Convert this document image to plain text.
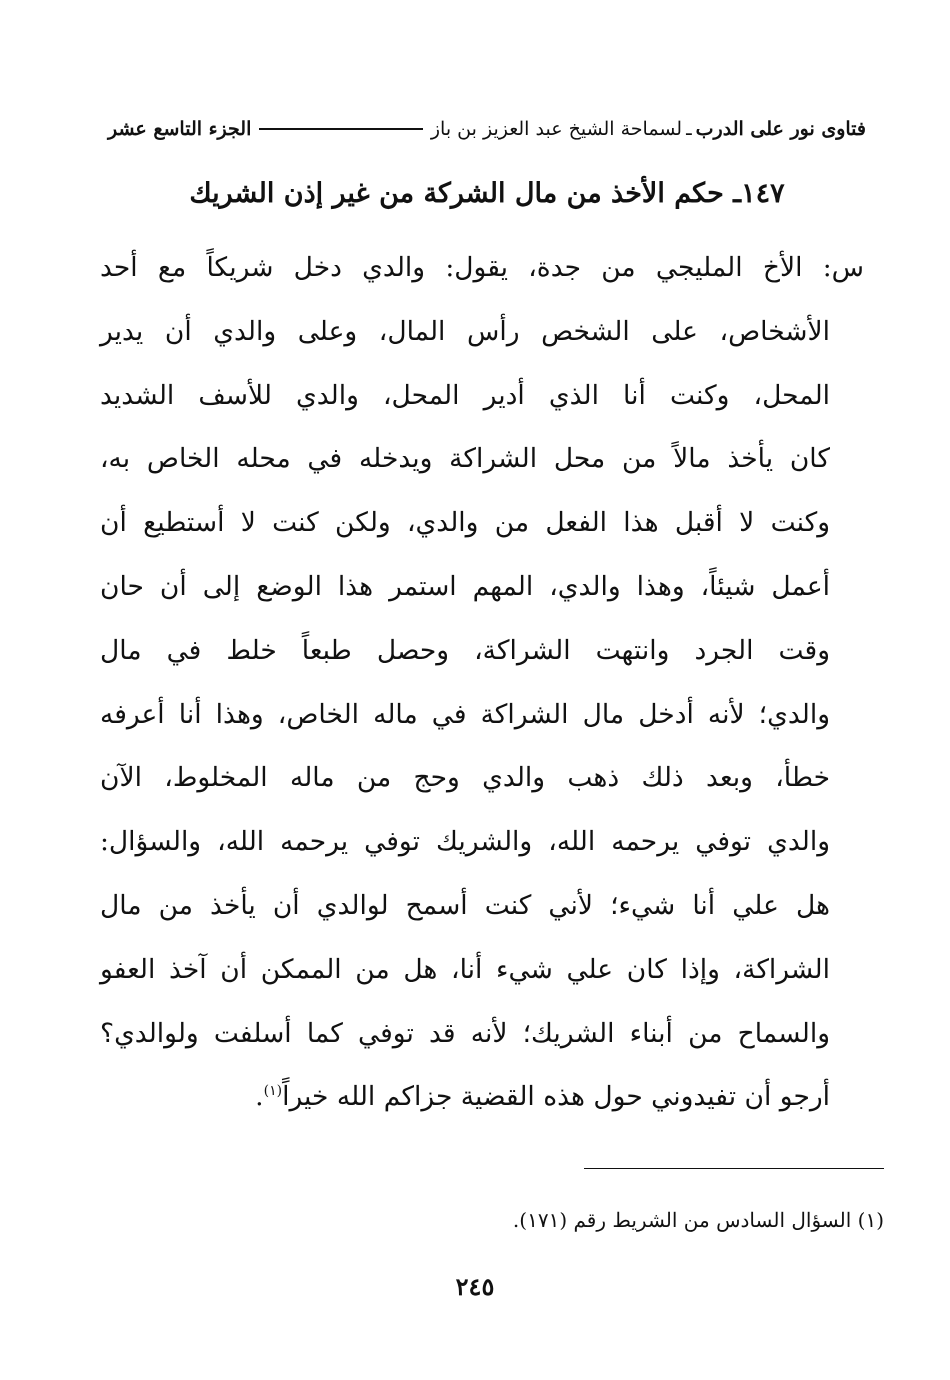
فتاوى نور على الدرب
ـ
لسماحة الشيخ عبد العزيز بن باز
الجزء التاسع عشر
١٤٧ـ حكم الأخذ من مال الشركة من غير إذن الشريك
س: الأخ المليجي من جدة، يقول: والدي دخل شريكاً مع أحد
الأشخاص، على الشخص رأس المال، وعلى والدي أن يدير
المحل، وكنت أنا الذي أدير المحل، والدي للأسف الشديد
كان يأخذ مالاً من محل الشراكة ويدخله في محله الخاص به،
وكنت لا أقبل هذا الفعل من والدي، ولكن كنت لا أستطيع أن
أعمل شيئاً، وهذا والدي، المهم استمر هذا الوضع إلى أن حان
وقت الجرد وانتهت الشراكة، وحصل طبعاً خلط في مال
والدي؛ لأنه أدخل مال الشراكة في ماله الخاص، وهذا أنا أعرفه
خطأ، وبعد ذلك ذهب والدي وحج من ماله المخلوط، الآن
والدي توفي يرحمه الله، والشريك توفي يرحمه الله، والسؤال:
هل علي أنا شيء؛ لأني كنت أسمح لوالدي أن يأخذ من مال
الشراكة، وإذا كان علي شيء أنا، هل من الممكن أن آخذ العفو
والسماح من أبناء الشريك؛ لأنه قد توفي كما أسلفت ولوالدي؟
أرجو أن تفيدوني حول هذه القضية جزاكم الله خيراً$^{(١)}$.
(١) السؤال السادس من الشريط رقم (١٧١).
٢٤٥
